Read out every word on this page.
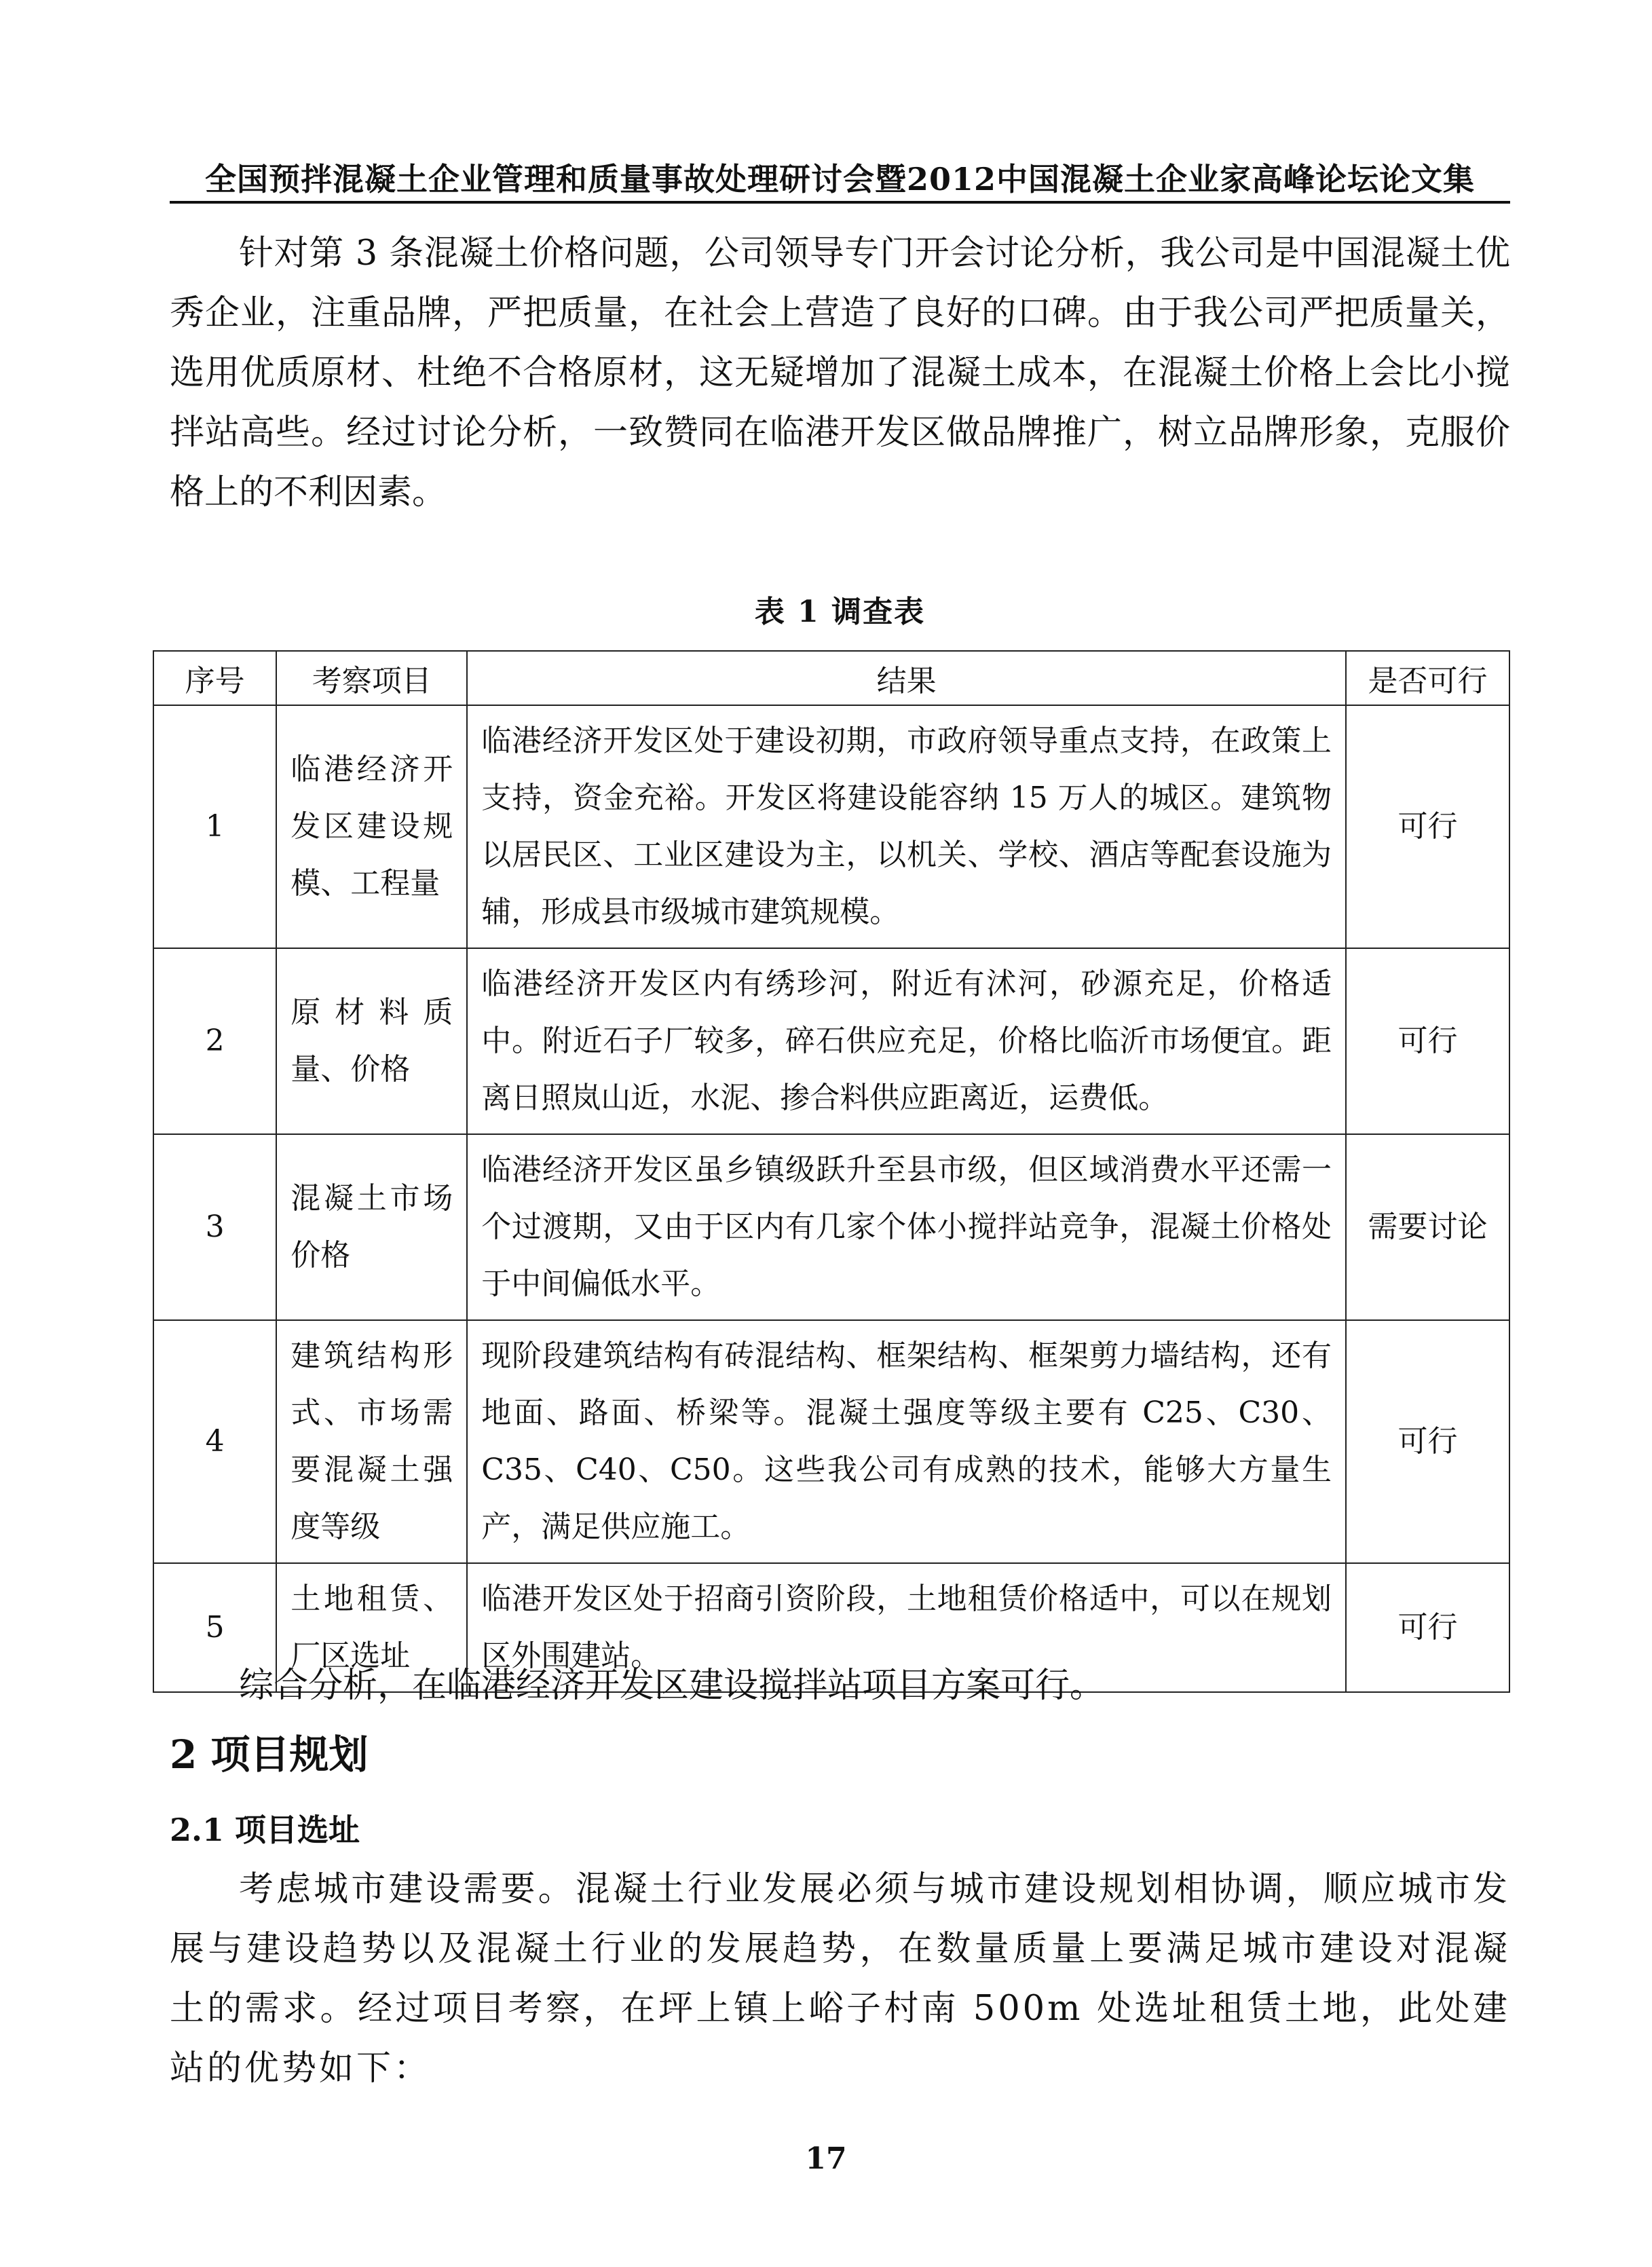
全国预拌混凝土企业管理和质量事故处理研讨会暨2012中国混凝土企业家高峰论坛论文集

针对第 3 条混凝土价格问题，公司领导专门开会讨论分析，我公司是中国混凝土优秀企业，注重品牌，严把质量，在社会上营造了良好的口碑。由于我公司严把质量关，选用优质原材、杜绝不合格原材，这无疑增加了混凝土成本，在混凝土价格上会比小搅拌站高些。经过讨论分析，一致赞同在临港开发区做品牌推广，树立品牌形象，克服价格上的不利因素。

表 1 调查表
序号	考察项目	结果	是否可行
1	临港经济开发区建设规模、工程量	临港经济开发区处于建设初期，市政府领导重点支持，在政策上支持，资金充裕。开发区将建设能容纳 15 万人的城区。建筑物以居民区、工业区建设为主，以机关、学校、酒店等配套设施为辅，形成县市级城市建筑规模。	可行
2	原材料质量、价格	临港经济开发区内有绣珍河，附近有沭河，砂源充足，价格适中。附近石子厂较多，碎石供应充足，价格比临沂市场便宜。距离日照岚山近，水泥、掺合料供应距离近，运费低。	可行
3	混凝土市场价格	临港经济开发区虽乡镇级跃升至县市级，但区域消费水平还需一个过渡期，又由于区内有几家个体小搅拌站竞争，混凝土价格处于中间偏低水平。	需要讨论
4	建筑结构形式、市场需要混凝土强度等级	现阶段建筑结构有砖混结构、框架结构、框架剪力墙结构，还有地面、路面、桥梁等。混凝土强度等级主要有 C25、C30、C35、C40、C50。这些我公司有成熟的技术，能够大方量生产，满足供应施工。	可行
5	土地租赁、厂区选址	临港开发区处于招商引资阶段，土地租赁价格适中，可以在规划区外围建站。	可行

综合分析，在临港经济开发区建设搅拌站项目方案可行。

2 项目规划
2.1 项目选址

考虑城市建设需要。混凝土行业发展必须与城市建设规划相协调，顺应城市发展与建设趋势以及混凝土行业的发展趋势，在数量质量上要满足城市建设对混凝土的需求。经过项目考察，在坪上镇上峪子村南 500m 处选址租赁土地，此处建站的优势如下：

17
